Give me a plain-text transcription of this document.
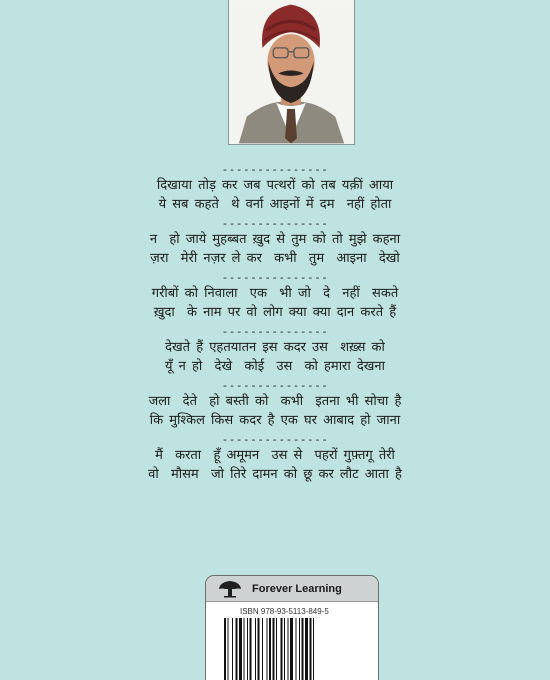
---------------
दिखाया तोड़ कर जब पत्थरों को तब यक़ीं आया
ये सब कहते  थे वर्ना आइनों में दम  नहीं होता
---------------
न  हो जाये मुहब्बत ख़ुद से तुम को तो मुझे कहना
ज़रा  मेरी नज़र ले कर  कभी  तुम  आइना  देखो
---------------
गरीबों को निवाला  एक  भी जो  दे  नहीं  सकते
ख़ुदा  के नाम पर वो लोग क्या क्या दान करते हैं
---------------
देखते हैं एहतयातन इस कदर उस  शख़्स को
यूँ न हो  देखे  कोई  उस  को हमारा देखना
---------------
जला  देते  हो बस्ती को  कभी  इतना भी सोचा है
कि मुश्किल किस कदर है एक घर आबाद हो जाना
---------------
मैं  करता  हूँ अमूमन  उस से  पहरों गुफ़्तगू तेरी
वो  मौसम  जो तिरे दामन को छू कर लौट आता है
Forever Learning
ISBN 978-93-5113-849-5
